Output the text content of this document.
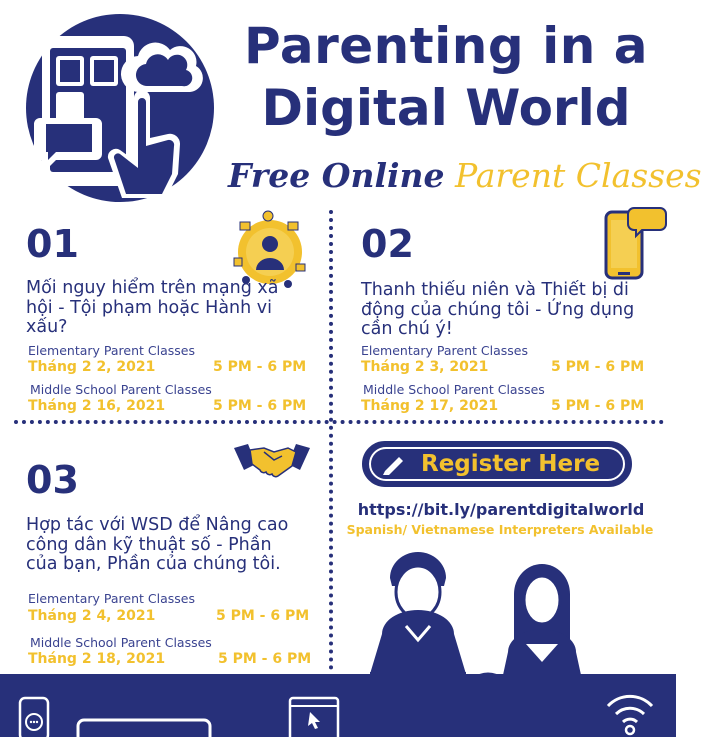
Parenting in a
Digital World
Free Online Parent Classes
01
Mối nguy hiểm trên mạng xã
hội - Tội phạm hoặc Hành vi
xấu?
Elementary Parent Classes
Tháng 2 2, 2021	5 PM - 6 PM
Middle School Parent Classes
Tháng 2 16, 2021	5 PM - 6 PM
02
Thanh thiếu niên và Thiết bị di
động của chúng tôi - Ứng dụng
cần chú ý!
Elementary Parent Classes
Tháng 2 3, 2021	5 PM - 6 PM
Middle School Parent Classes
Tháng 2 17, 2021	5 PM - 6 PM
03
Hợp tác với WSD để Nâng cao
công dân kỹ thuật số - Phần
của bạn, Phần của chúng tôi.
Elementary Parent Classes
Tháng 2 4, 2021	5 PM - 6 PM
Middle School Parent Classes
Tháng 2 18, 2021	5 PM - 6 PM
Register Here
https://bit.ly/parentdigitalworld
Spanish/ Vietnamese Interpreters Available
